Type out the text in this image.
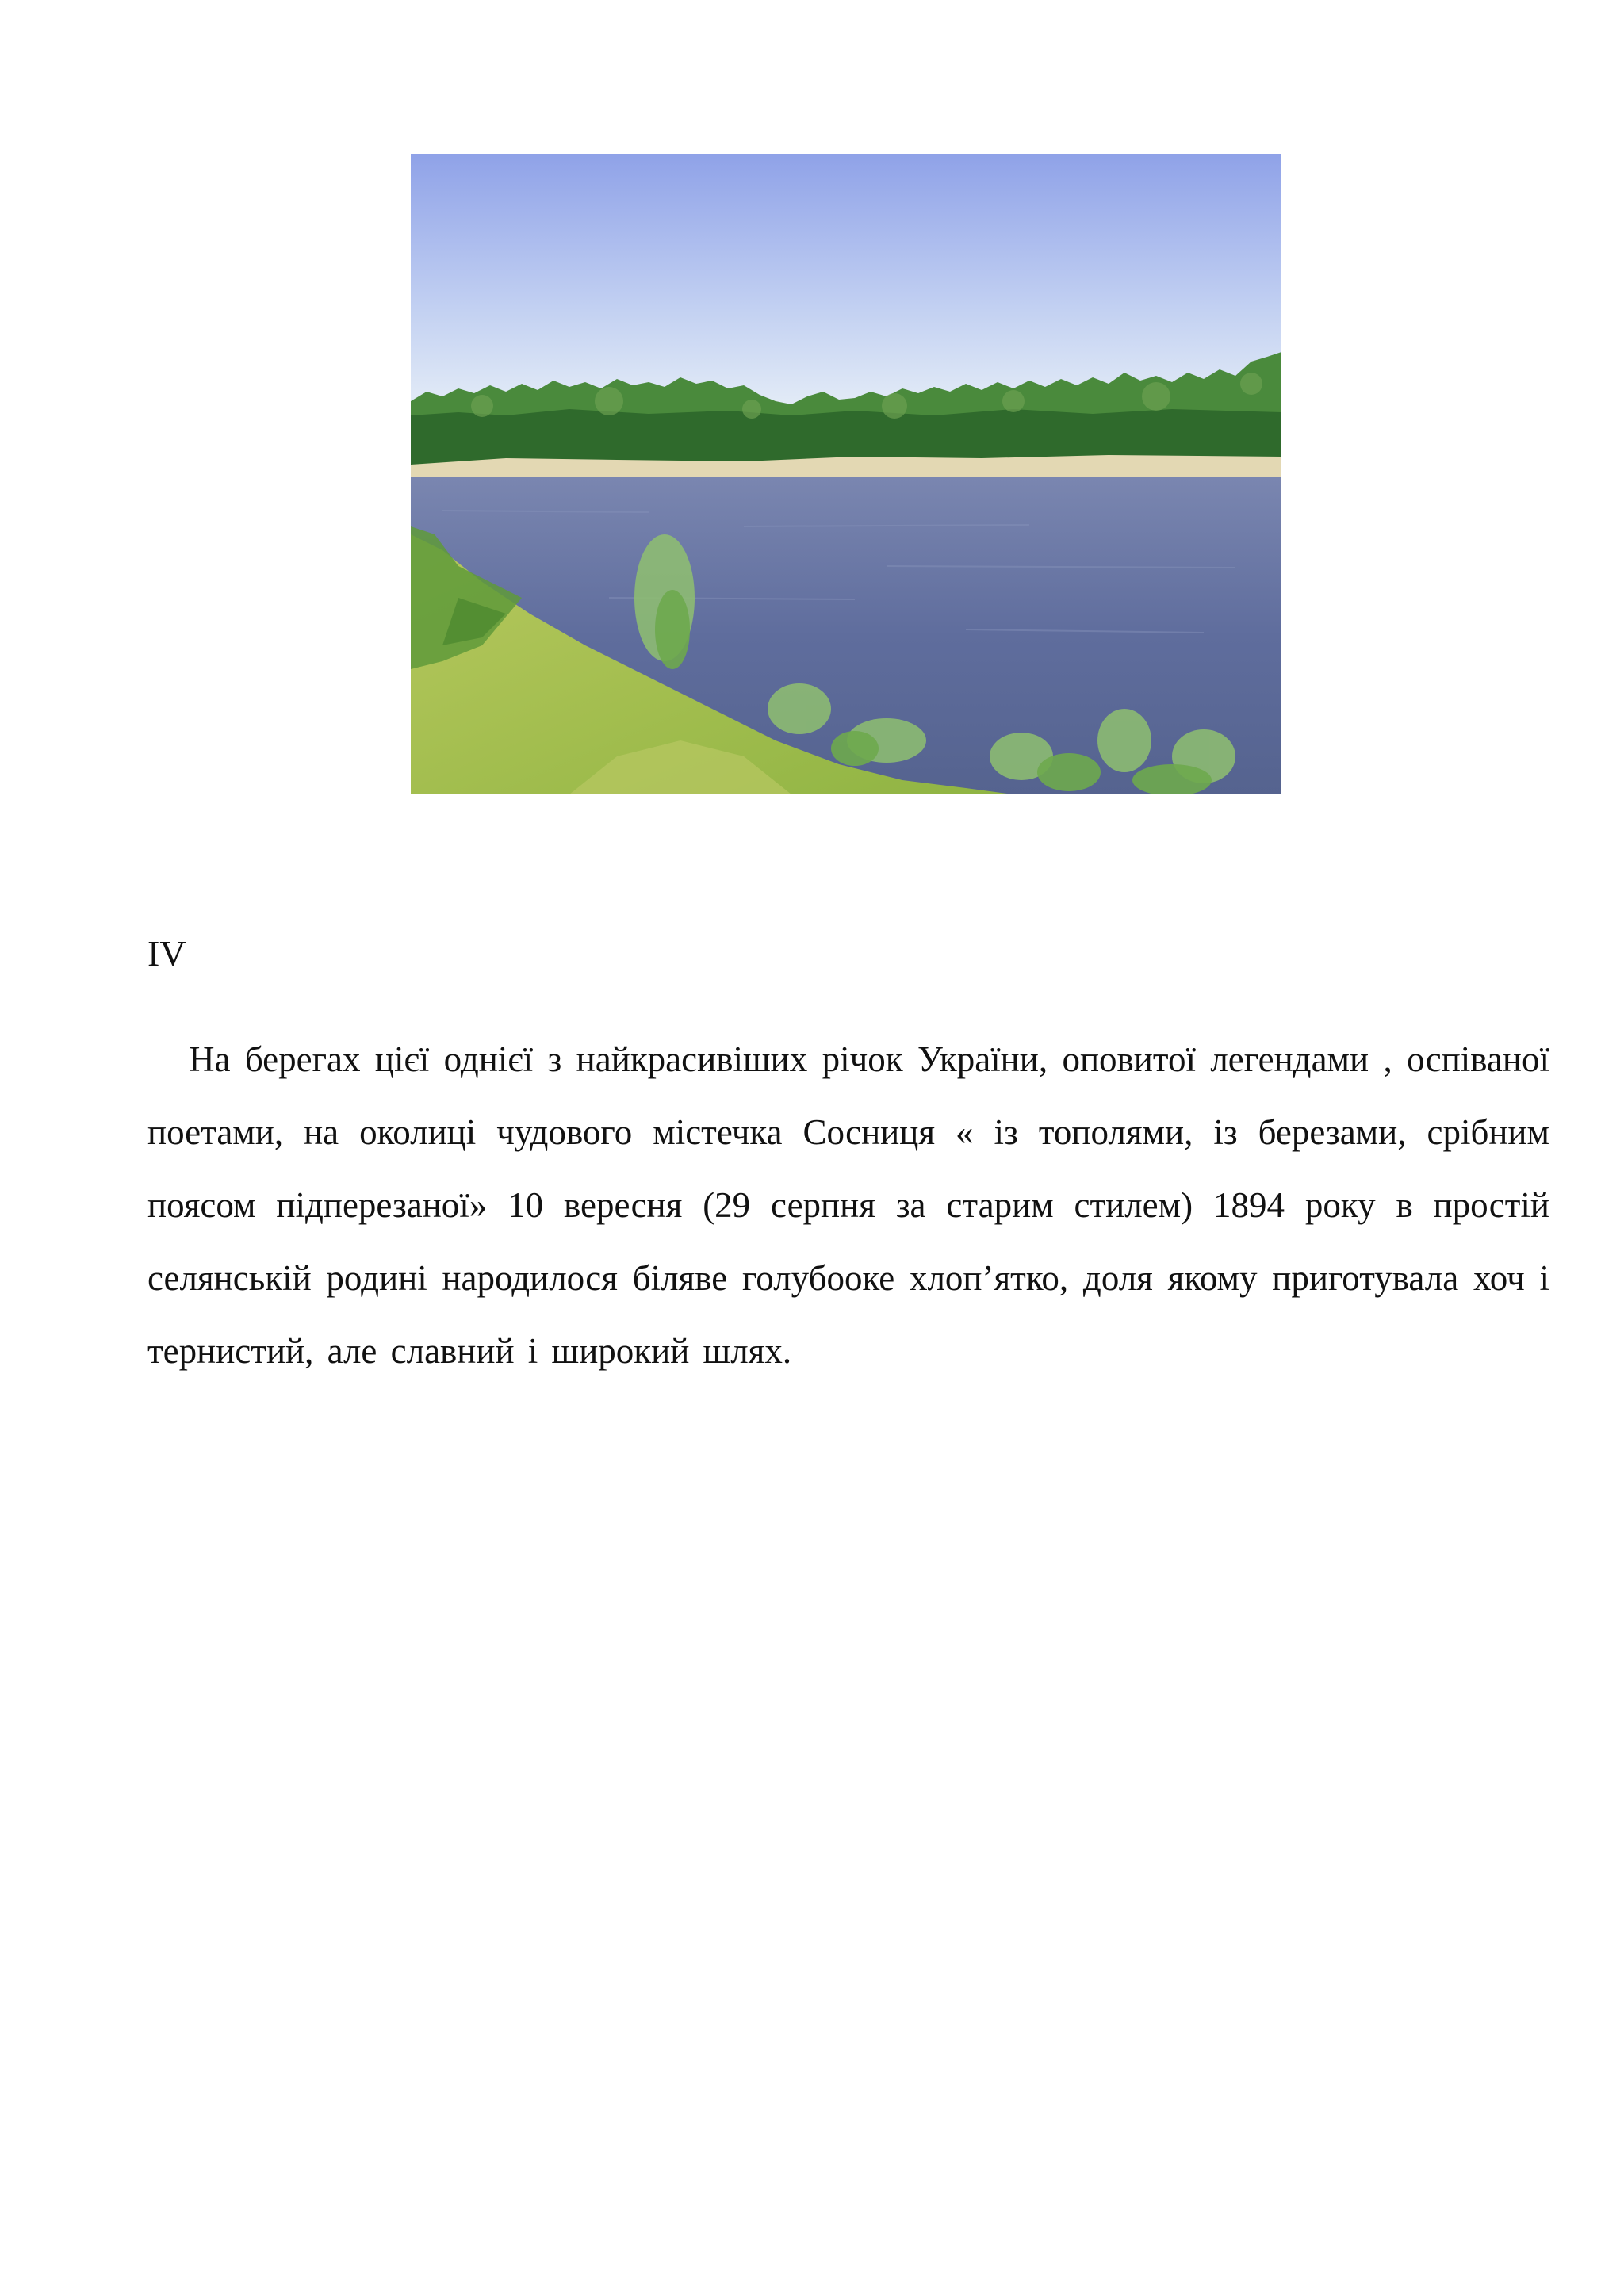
IV

На берегах цієї однієї з найкрасивіших річок України, оповитої легендами , оспіваної поетами, на околиці чудового містечка Сосниця « із тополями, із березами, срібним поясом підперезаної» 10 вересня (29 серпня за старим стилем) 1894 року в простій селянській родині народилося біляве голубооке хлоп’ятко, доля якому приготувала хоч і тернистий, але славний і широкий шлях.
